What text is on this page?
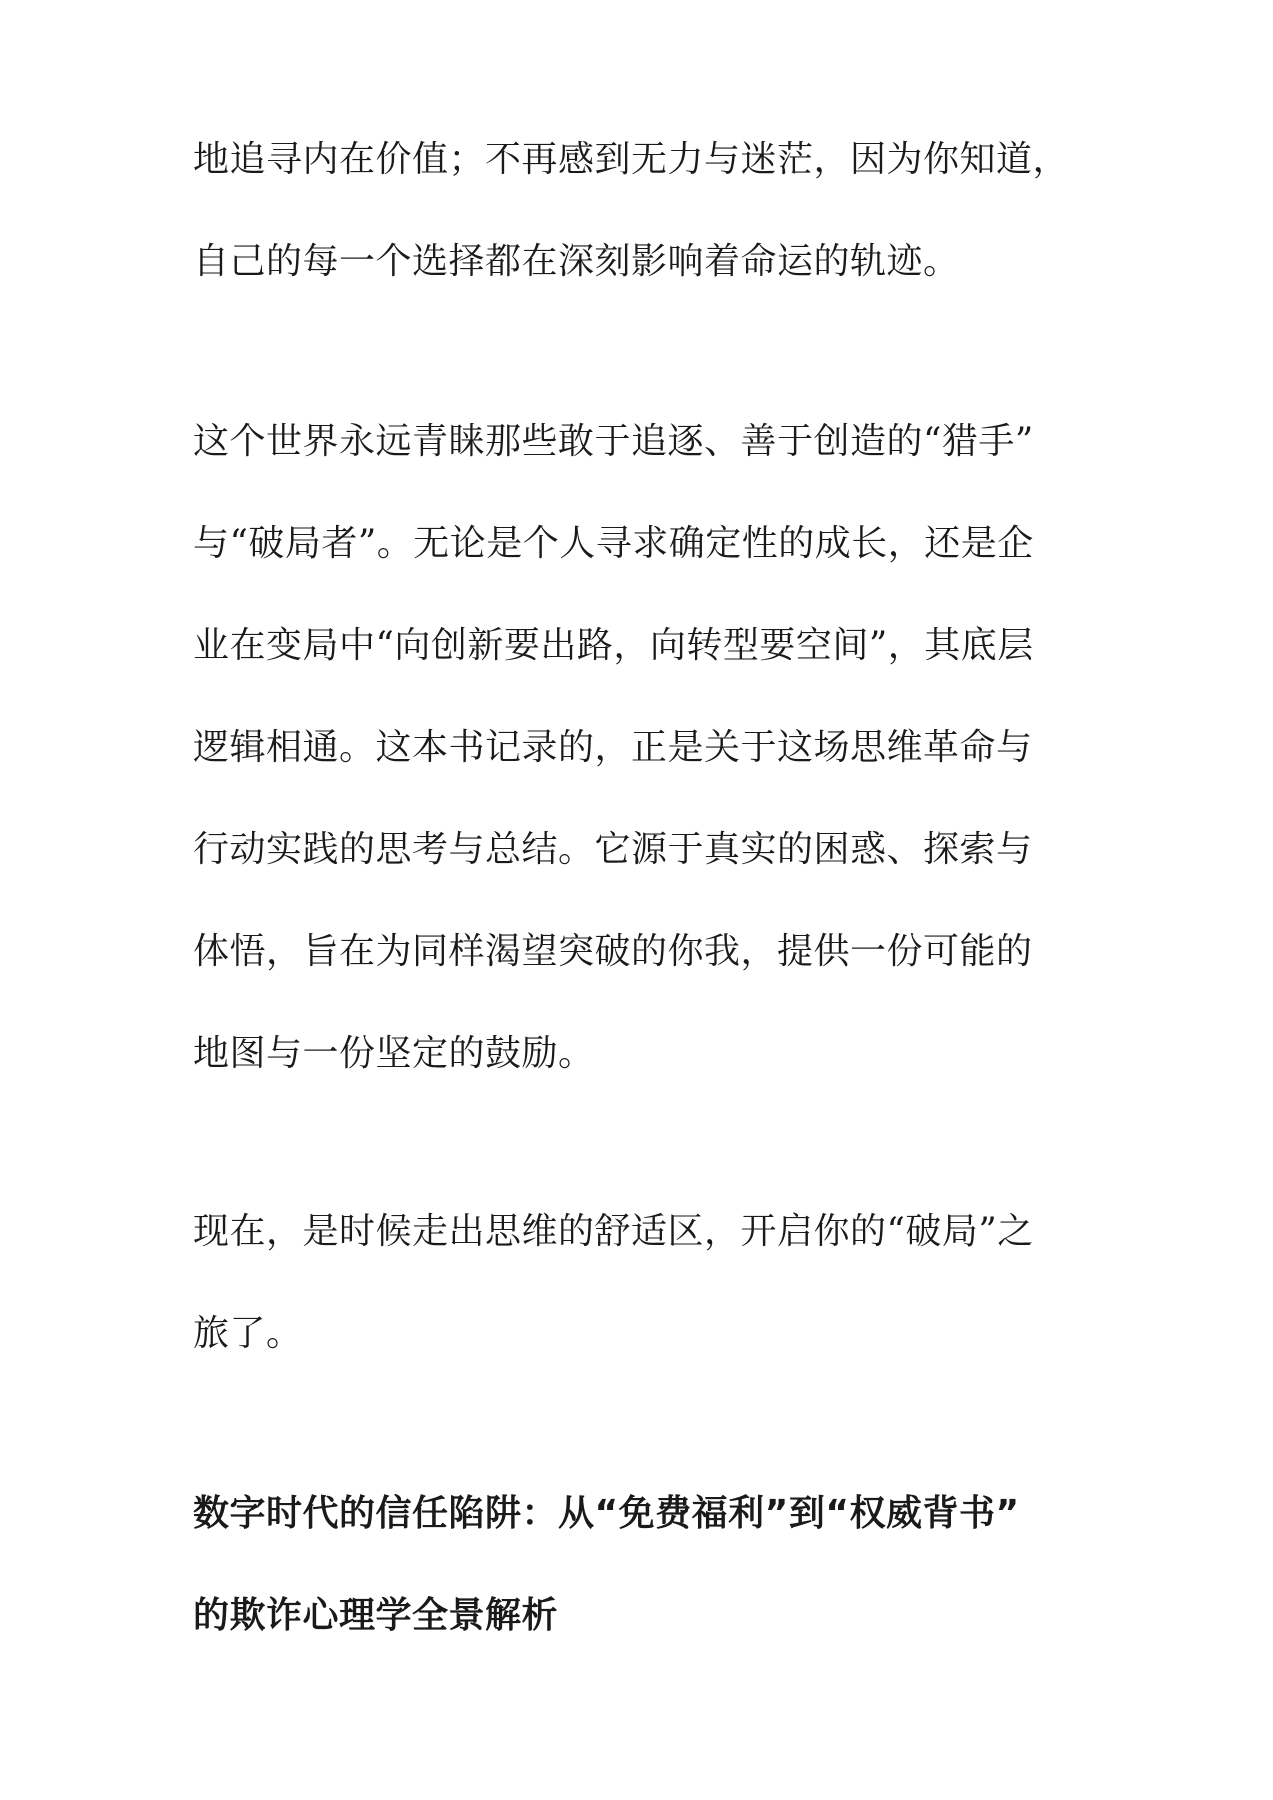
地追寻内在价值；不再感到无力与迷茫，因为你知道，
自己的每一个选择都在深刻影响着命运的轨迹。
这个世界永远青睐那些敢于追逐、善于创造的“猎手”
与“破局者”。无论是个人寻求确定性的成长，还是企
业在变局中“向创新要出路，向转型要空间”，其底层
逻辑相通。这本书记录的，正是关于这场思维革命与
行动实践的思考与总结。它源于真实的困惑、探索与
体悟，旨在为同样渴望突破的你我，提供一份可能的
地图与一份坚定的鼓励。
现在，是时候走出思维的舒适区，开启你的“破局”之
旅了。
数字时代的信任陷阱：从“免费福利”到“权威背书”
的欺诈心理学全景解析
